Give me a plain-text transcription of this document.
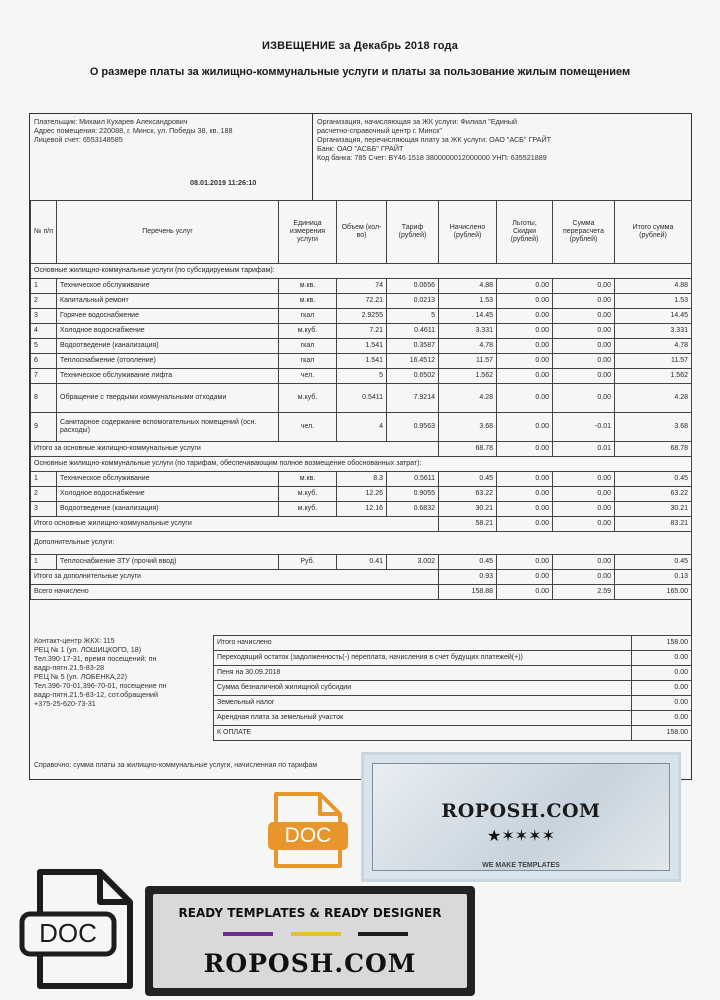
ИЗВЕЩЕНИЕ за Декабрь 2018 года
О размере платы за жилищно-коммунальные услуги и платы за пользование жилым помещением
Плательщик: Михаил Кухарев Александрович
Адрес помещения: 220088, г. Минск, ул. Победы 38, кв. 188
Лицевой счет: 6553148585
08.01.2019 11:26:10
Организация, начисляющая за ЖК услуги: Филиал "Единый
расчетно-справочный центр г. Минск"
Организация, перечисляющая плату за ЖК услуги: ОАО "АСБ" ГРАЙТ
Банк: ОАО "АСББ" ГРАЙТ
Код банка: 785 Счет: BY46 1518 3800000012000000 УНП: 635521889
№ п/п	Перечень услуг	Единица измерения услуги	Объем (кол-во)	Тариф (рублей)	Начислено (рублей)	Льготы, Скидки (рублей)	Сумма перерасчета (рублей)	Итого сумма (рублей)
Основные жилищно-коммунальные услуги (по субсидируемым тарифам):								
1	Техническое обслуживание	м.кв.	74	0.0656	4.88	0.00	0.00	4.88
2	Капитальный ремонт	м.кв.	72.21	0.0213	1.53	0.00	0.00	1.53
3	Горячее водоснабжение	гкал	2.9255	5	14.45	0.00	0.00	14.45
4	Холодное водоснабжение	м.куб.	7.21	0.4611	3.331	0.00	0.00	3.331
5	Водоотведение (канализация)	гкал	1.541	0.3587	4.78	0.00	0.00	4.78
6	Теплоснабжение (отопление)	гкал	1.541	16.4512	11.57	0.00	0.00	11.57
7	Техническое обслуживание лифта	чел.	5	0.6502	1.562	0.00	0.00	1.562
8	Обращение с твердыми коммунальными отходами	м.куб.	0.5411	7.9214	4.28	0.00	0.00	4.28
9	Санитарное содержание вспомогательных помещений (осн. расходы)	чел.	4	0.9563	3.68	0.00	-0.01	3.68
Итого за основные жилищно-коммунальные услуги					68.78	0.00	0.01	68.78
Основные жилищно-коммунальные услуги (по тарифам, обеспечивающим полное возмещение обоснованных затрат):								
1	Техническое обслуживание	м.кв.	8.3	0.5611	0.45	0.00	0.00	0.45
2	Холодное водоснабжение	м.куб.	12.26	0.9055	63.22	0.00	0.00	63.22
3	Водоотведение (канализация)	м.куб.	12.16	0.6832	30.21	0.00	0.00	30.21
Итого основные жилищно-коммунальные услуги					58.21	0.00	0.00	83.21
Дополнительные услуги:								
1	Теплоснабжение ЗТУ (прочий ввод)	Руб.	0.41	3.002	0.45	0.00	0.00	0.45
Итого за дополнительные услуги					0.93	0.00	0.00	0.13
Всего начислено					158.88	0.00	2.59	165.00
Контакт-центр ЖКХ: 115
РЕЦ № 1 (ул. ЛОШИЦКОГО, 18)
Тел.390-17-31, время посещений: пн
вадр-пятн.21.5-83-28
РЕЦ № 5 (ул. ЛОБЕНКА,22)
Тел.396-70-01,396-70-01, посещение пн
вадр-пятн.21.5-83-12, сот.обращений
+375-25-620-73-31
Итого начислено	158.00
Переходящий остаток (задолженность(-) переплата, начисления в счет будущих платежей(+))	0.00
Пеня на 30.09.2018	0.00
Сумма безналичной жилищной субсидии	0.00
Земельный налог	0.00
Арендная плата за земельный участок	0.00
К ОПЛАТЕ	158.00
Справочно: сумма платы за жилищно-коммунальные услуги, начисленная по тарифам
ROPOSH.COM
★✶✶✶✶
WE MAKE TEMPLATES
DOC
DOC
READY TEMPLATES & READY DESIGNER
ROPOSH.COM
